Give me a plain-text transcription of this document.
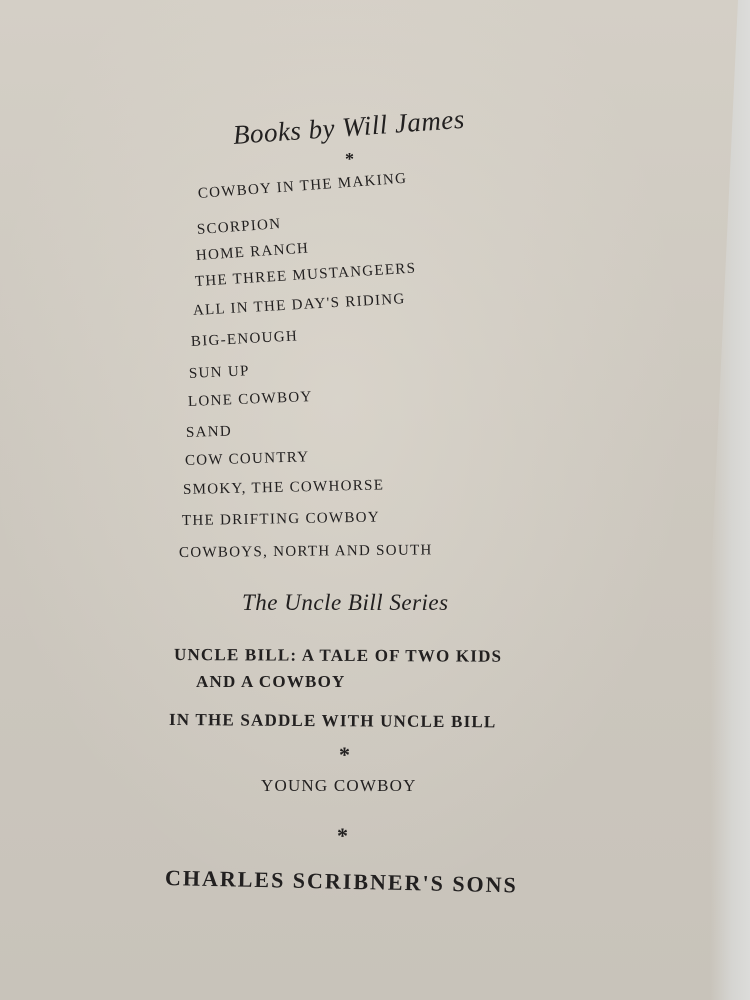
Books by Will James
*
COWBOY IN THE MAKING
SCORPION
HOME RANCH
THE THREE MUSTANGEERS
ALL IN THE DAY'S RIDING
BIG-ENOUGH
SUN UP
LONE COWBOY
SAND
COW COUNTRY
SMOKY, THE COWHORSE
THE DRIFTING COWBOY
COWBOYS, NORTH AND SOUTH
The Uncle Bill Series
UNCLE BILL: A TALE OF TWO KIDS
AND A COWBOY
IN THE SADDLE WITH UNCLE BILL
*
YOUNG COWBOY
*
CHARLES SCRIBNER'S SONS
